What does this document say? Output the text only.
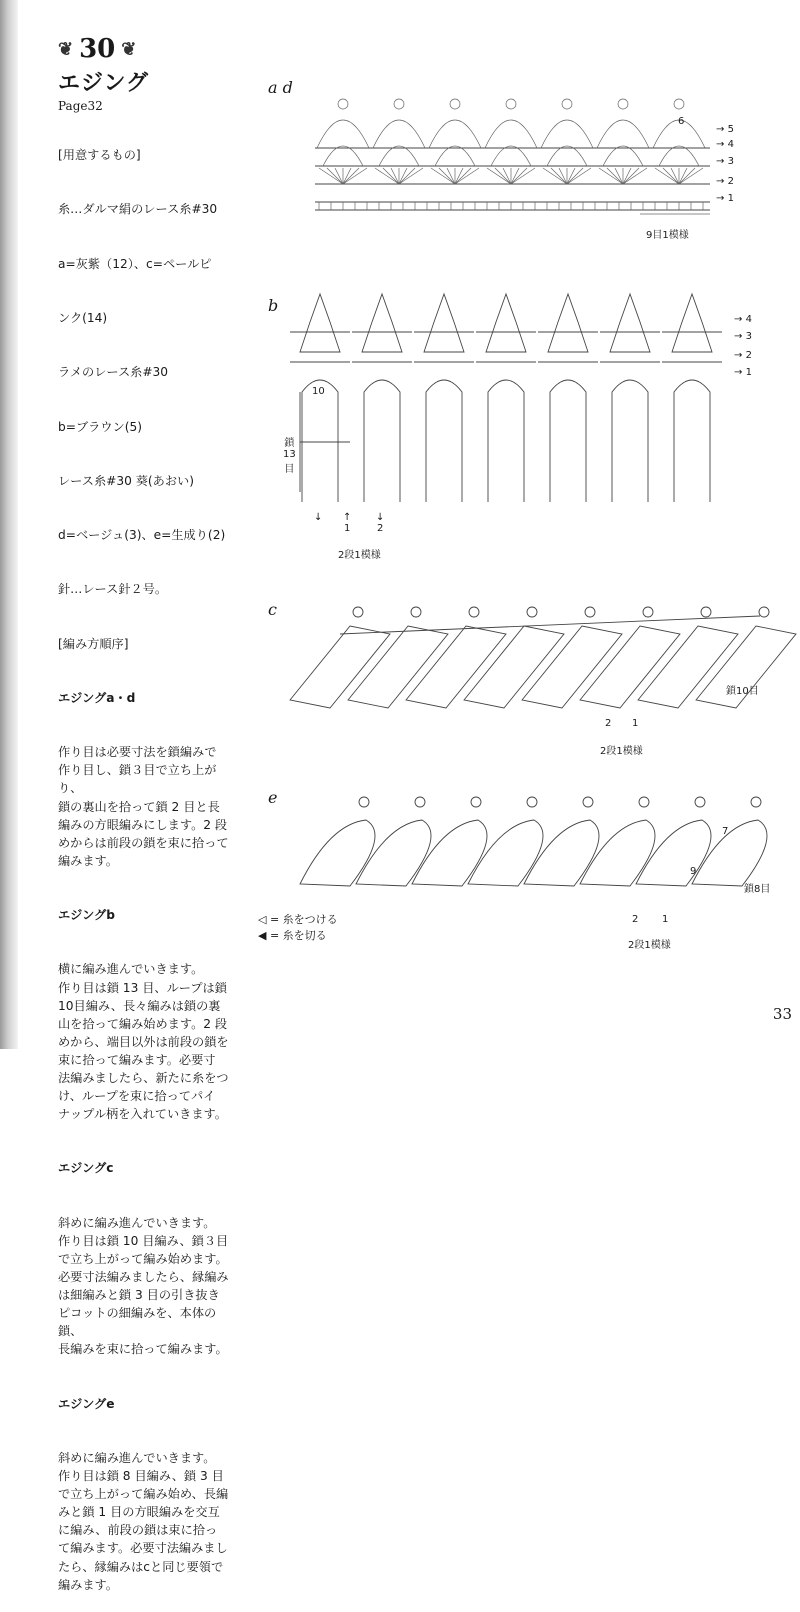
❦ 30 ❦
エジング
Page32

[用意するもの]

糸…ダルマ絹のレース糸#30

a=灰紫（12）、c=ペールピ

ンク(14)

ラメのレース糸#30

b=ブラウン(5)

レース糸#30 葵(あおい)

d=ベージュ(3)、e=生成り(2)

針…レース針２号。

[編み方順序]

エジングa・d

作り目は必要寸法を鎖編みで
作り目し、鎖３目で立ち上がり、
鎖の裏山を拾って鎖 2 目と長
編みの方眼編みにします。2 段
めからは前段の鎖を束に拾って
編みます。

エジングb

横に編み進んでいきます。
作り目は鎖 13 目、ループは鎖
10目編み、長々編みは鎖の裏
山を拾って編み始めます。2 段
めから、端目以外は前段の鎖を
束に拾って編みます。必要寸
法編みましたら、新たに糸をつ
け、ループを束に拾ってパイ
ナップル柄を入れていきます。

エジングc

斜めに編み進んでいきます。
作り目は鎖 10 目編み、鎖３目
で立ち上がって編み始めます。
必要寸法編みましたら、縁編み
は細編みと鎖 3 目の引き抜き
ピコットの細編みを、本体の鎖、
長編みを束に拾って編みます。

エジングe

斜めに編み進んでいきます。
作り目は鎖 8 目編み、鎖 3 目
で立ち上がって編み始め、長編
みと鎖 1 目の方眼編みを交互
に編み、前段の鎖は束に拾っ
て編みます。必要寸法編みまし
たら、縁編みはcと同じ要領で
編みます。

a d
→ 5
→ 4
→ 3
→ 2
→ 1
6
9目1模様
b
→ 4
→ 3
→ 2
→ 1
10
鎖
13
目
↓ ↑
1
↓
2
2段1模様
c
鎖10目
2 1
2段1模様
e
7
9
鎖8目
2 1
2段1模様
◁ = 糸をつける
◀ = 糸を切る
33
